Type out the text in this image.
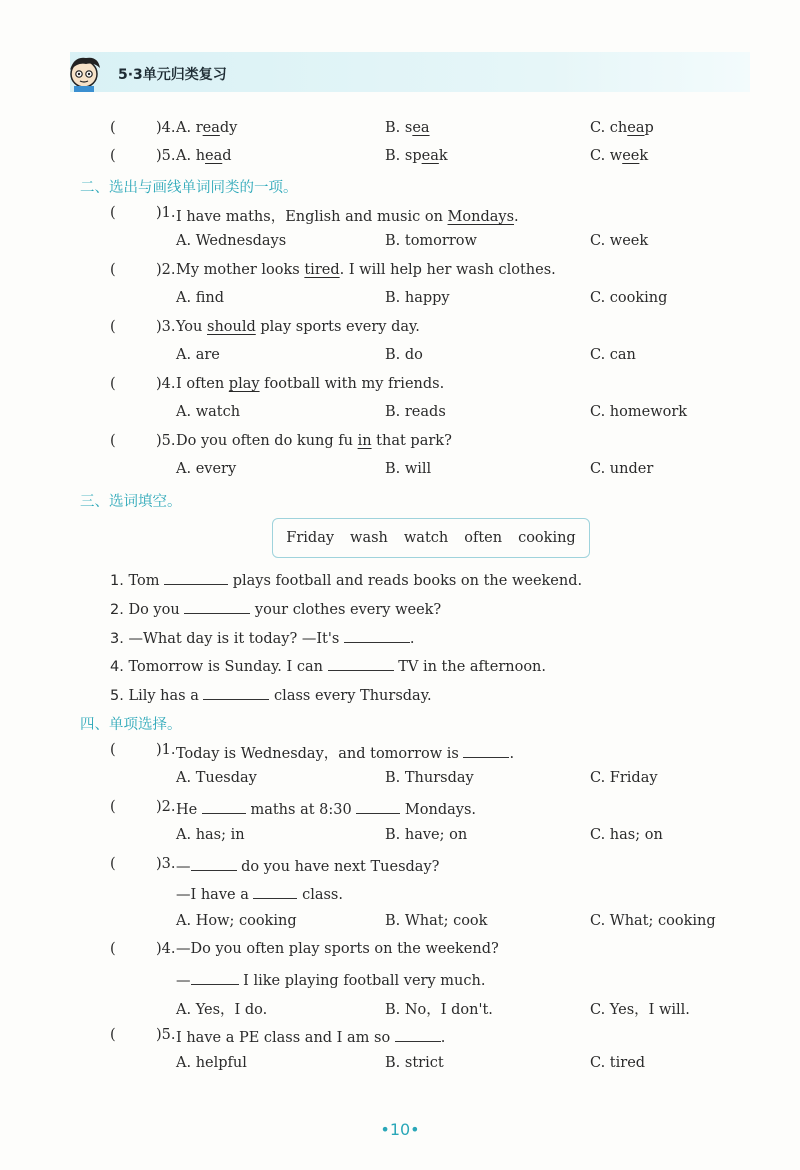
5·3单元归类复习
(	)4. A. ready	B. sea	C. cheap
(	)5. A. head	B. speak	C. week
二、选出与画线单词同类的一项。
(	)1. I have maths，English and music on Mondays.
A. Wednesdays	B. tomorrow	C. week
(	)2. My mother looks tired. I will help her wash clothes.
A. find	B. happy	C. cooking
(	)3. You should play sports every day.
A. are	B. do	C. can
(	)4. I often play football with my friends.
A. watch	B. reads	C. homework
(	)5. Do you often do kung fu in that park?
A. every	B. will	C. under
三、选词填空。
Friday wash watch often cooking
1. Tom	plays football and reads books on the weekend.
2. Do you	your clothes every week?
3. —What day is it today? —It's	.
4. Tomorrow is Sunday. I can	TV in the afternoon.
5. Lily has a	class every Thursday.
四、单项选择。
(	)1. Today is Wednesday，and tomorrow is	.
A. Tuesday	B. Thursday	C. Friday
(	)2. He	maths at 8:30	Mondays.
A. has; in	B. have; on	C. has; on
(	)3. —	do you have next Tuesday?
—I have a	class.
A. How; cooking	B. What; cook	C. What; cooking
(	)4. —Do you often play sports on the weekend?
—	I like playing football very much.
A. Yes，I do.	B. No，I don't.	C. Yes，I will.
(	)5. I have a PE class and I am so	.
A. helpful	B. strict	C. tired
•10•
